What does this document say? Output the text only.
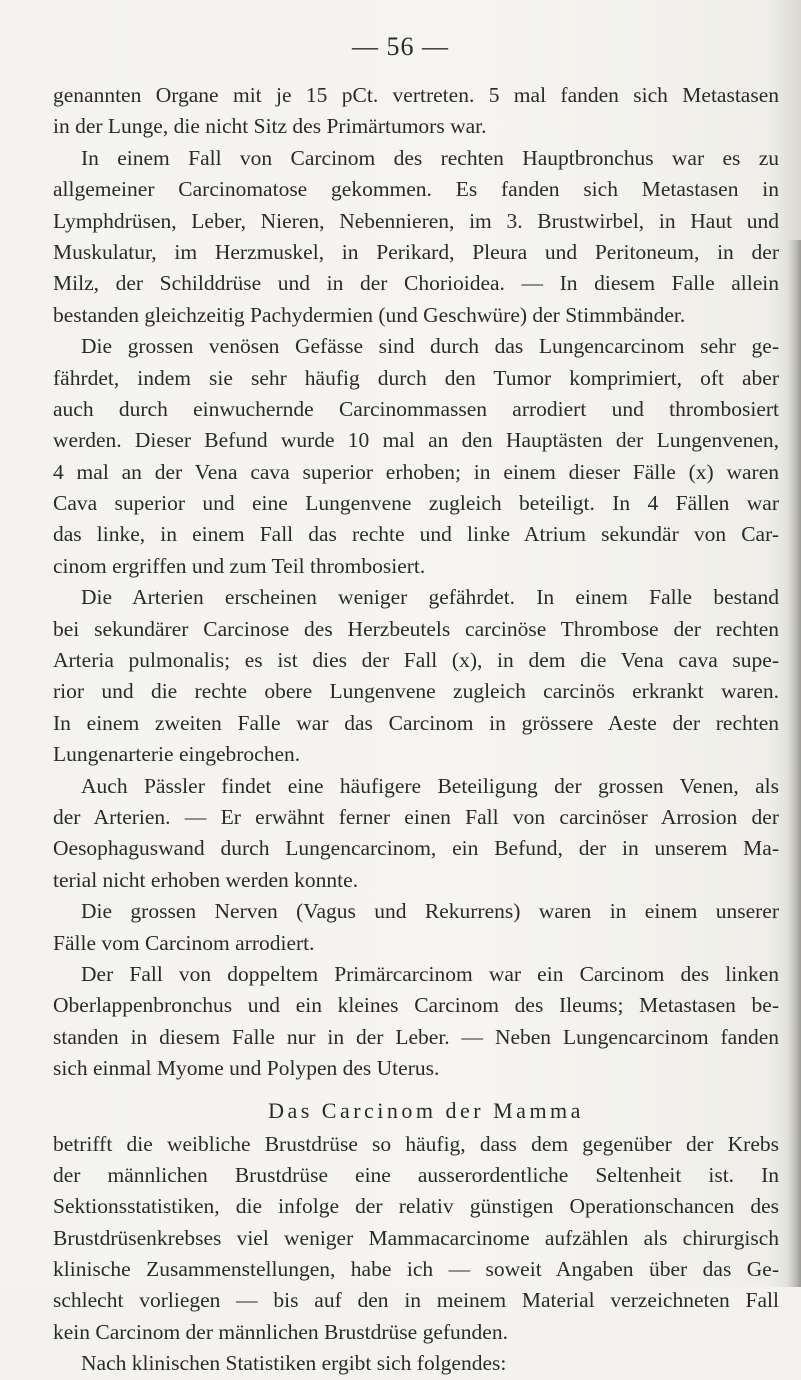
— 56 —
genannten Organe mit je 15 pCt. vertreten. 5 mal fanden sich Metastasen
in der Lunge, die nicht Sitz des Primärtumors war.
In einem Fall von Carcinom des rechten Hauptbronchus war es zu
allgemeiner Carcinomatose gekommen. Es fanden sich Metastasen in
Lymphdrüsen, Leber, Nieren, Nebennieren, im 3. Brustwirbel, in Haut und
Muskulatur, im Herzmuskel, in Perikard, Pleura und Peritoneum, in der
Milz, der Schilddrüse und in der Chorioidea. — In diesem Falle allein
bestanden gleichzeitig Pachydermien (und Geschwüre) der Stimmbänder.
Die grossen venösen Gefässe sind durch das Lungencarcinom sehr ge-
fährdet, indem sie sehr häufig durch den Tumor komprimiert, oft aber
auch durch einwuchernde Carcinommassen arrodiert und thrombosiert
werden. Dieser Befund wurde 10 mal an den Hauptästen der Lungenvenen,
4 mal an der Vena cava superior erhoben; in einem dieser Fälle (x) waren
Cava superior und eine Lungenvene zugleich beteiligt. In 4 Fällen war
das linke, in einem Fall das rechte und linke Atrium sekundär von Car-
cinom ergriffen und zum Teil thrombosiert.
Die Arterien erscheinen weniger gefährdet. In einem Falle bestand
bei sekundärer Carcinose des Herzbeutels carcinöse Thrombose der rechten
Arteria pulmonalis; es ist dies der Fall (x), in dem die Vena cava supe-
rior und die rechte obere Lungenvene zugleich carcinös erkrankt waren.
In einem zweiten Falle war das Carcinom in grössere Aeste der rechten
Lungenarterie eingebrochen.
Auch Pässler findet eine häufigere Beteiligung der grossen Venen, als
der Arterien. — Er erwähnt ferner einen Fall von carcinöser Arrosion der
Oesophaguswand durch Lungencarcinom, ein Befund, der in unserem Ma-
terial nicht erhoben werden konnte.
Die grossen Nerven (Vagus und Rekurrens) waren in einem unserer
Fälle vom Carcinom arrodiert.
Der Fall von doppeltem Primärcarcinom war ein Carcinom des linken
Oberlappenbronchus und ein kleines Carcinom des Ileums; Metastasen be-
standen in diesem Falle nur in der Leber. — Neben Lungencarcinom fanden
sich einmal Myome und Polypen des Uterus.
Das Carcinom der Mamma
betrifft die weibliche Brustdrüse so häufig, dass dem gegenüber der Krebs
der männlichen Brustdrüse eine ausserordentliche Seltenheit ist. In
Sektionsstatistiken, die infolge der relativ günstigen Operationschancen des
Brustdrüsenkrebses viel weniger Mammacarcinome aufzählen als chirurgisch
klinische Zusammenstellungen, habe ich — soweit Angaben über das Ge-
schlecht vorliegen — bis auf den in meinem Material verzeichneten Fall
kein Carcinom der männlichen Brustdrüse gefunden.
Nach klinischen Statistiken ergibt sich folgendes:
